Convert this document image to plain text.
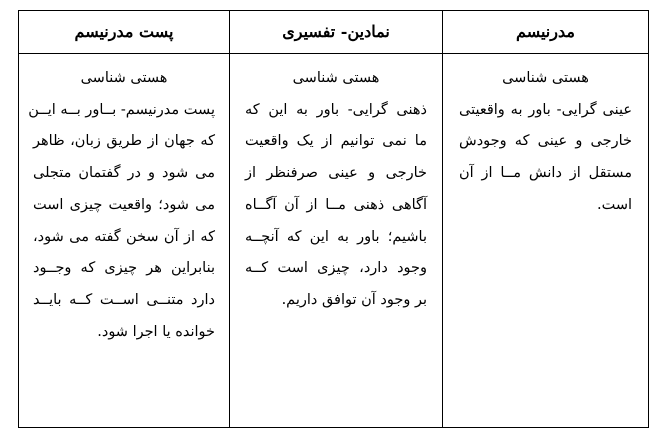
پست مدرنیسم	نمادین- تفسیری	مدرنیسم
هستی شناسی
عینی گرایی- باور به واقعیتی
خارجی و عینی که وجودش
مستقل از دانش مــا از آن
است.
هستی شناسی
ذهنی گرایی- باور به این که
ما نمی توانیم از یک واقعیت
خارجی و عینی صرفنظر از
آگاهی ذهنی مــا از آن آگــاه
باشیم؛ باور به این که آنچــه
وجود دارد، چیزی است کــه
بر وجود آن توافق داریم.
هستی شناسی
پست مدرنیسم- بــاور بــه ایــن
که جهان از طریق زبان، ظاهر
می شود و در گفتمان متجلی
می شود؛ واقعیت چیزی است
که از آن سخن گفته می شود،
بنابراین هر چیزی که وجــود
دارد متنــی اســت کــه بایــد
خوانده یا اجرا شود.
